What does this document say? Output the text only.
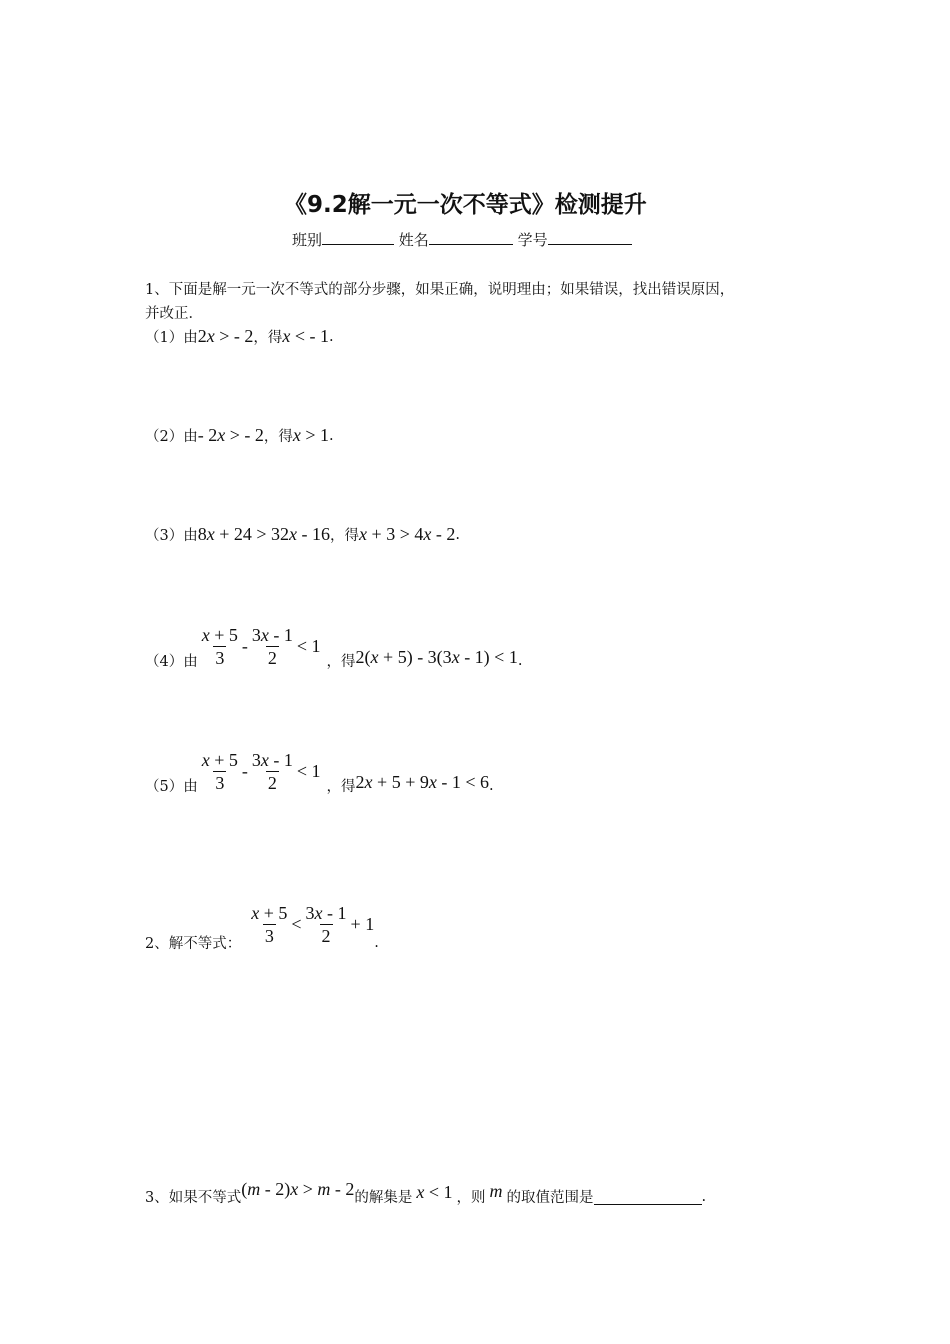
《9.2解一元一次不等式》检测提升
班别	姓名	学号
1、下面是解一元一次不等式的部分步骤，如果正确，说明理由；如果错误，找出错误原因，
并改正．
（1）由 2x > - 2 ，得 x < - 1 .
（2）由 - 2x > - 2 ，得 x > 1 .
（3）由 8x + 24 > 32x - 16 ，得 x + 3 > 4x - 2 .
（4）由 $\frac{x + 5}{3} - \frac{3x - 1}{2} < 1$
，得 2(x + 5) - 3(3x - 1) < 1 .
（5）由 $\frac{x + 5}{3} - \frac{3x - 1}{2} < 1$
，得 2x + 5 + 9x - 1 < 6 .
2、解不等式： $\frac{x + 5}{3} < \frac{3x - 1}{2} + 1$
.
3、如果不等式 (m - 2)x > m - 2 的解集是 x < 1 ，则 m 的取值范围是	.
